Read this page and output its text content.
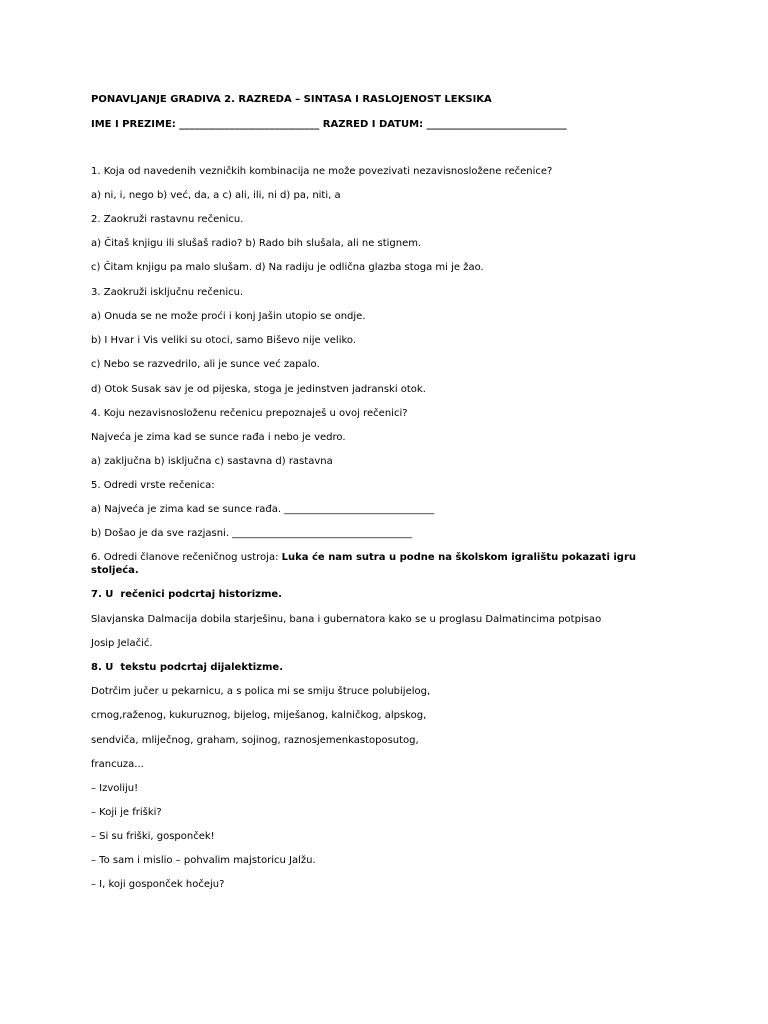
PONAVLJANJE GRADIVA 2. RAZREDA – SINTASA I RASLOJENOST LEKSIKA
IME I PREZIME: ____________________________ RAZRED I DATUM: ____________________________
1. Koja od navedenih vezničkih kombinacija ne može povezivati nezavisnosložene rečenice?
a) ni, i, nego b) već, da, a c) ali, ili, ni d) pa, niti, a
2. Zaokruži rastavnu rečenicu.
a) Čitaš knjigu ili slušaš radio? b) Rado bih slušala, ali ne stignem.
c) Čitam knjigu pa malo slušam. d) Na radiju je odlična glazba stoga mi je žao.
3. Zaokruži isključnu rečenicu.
a) Onuda se ne može proći i konj Jašin utopio se ondje.
b) I Hvar i Vis veliki su otoci, samo Biševo nije veliko.
c) Nebo se razvedrilo, ali je sunce već zapalo.
d) Otok Susak sav je od pijeska, stoga je jedinstven jadranski otok.
4. Koju nezavisnosloženu rečenicu prepoznaješ u ovoj rečenici?
Najveća je zima kad se sunce rađa i nebo je vedro.
a) zaključna b) isključna c) sastavna d) rastavna
5. Odredi vrste rečenica:
a) Najveća je zima kad se sunce rađa. ______________________________
b) Došao je da sve razjasni. ____________________________________
6. Odredi članove rečeničnog ustroja: Luka će nam sutra u podne na školskom igralištu pokazati igru stoljeća.
7. U  rečenici podcrtaj historizme.
Slavjanska Dalmacija dobila starješinu, bana i gubernatora kako se u proglasu Dalmatincima potpisao
Josip Jelačić.
8. U  tekstu podcrtaj dijalektizme.
Dotrčim jučer u pekarnicu, a s polica mi se smiju štruce polubijelog,
crnog,raženog, kukuruznog, bijelog, miješanog, kalničkog, alpskog,
sendviča, mliječnog, graham, sojinog, raznosjemenkastoposutog,
francuza...
– Izvoliju!
– Koji je friški?
– Si su friški, gosponček!
– To sam i mislio – pohvalim majstoricu Jalžu.
– I, koji gosponček hočeju?
